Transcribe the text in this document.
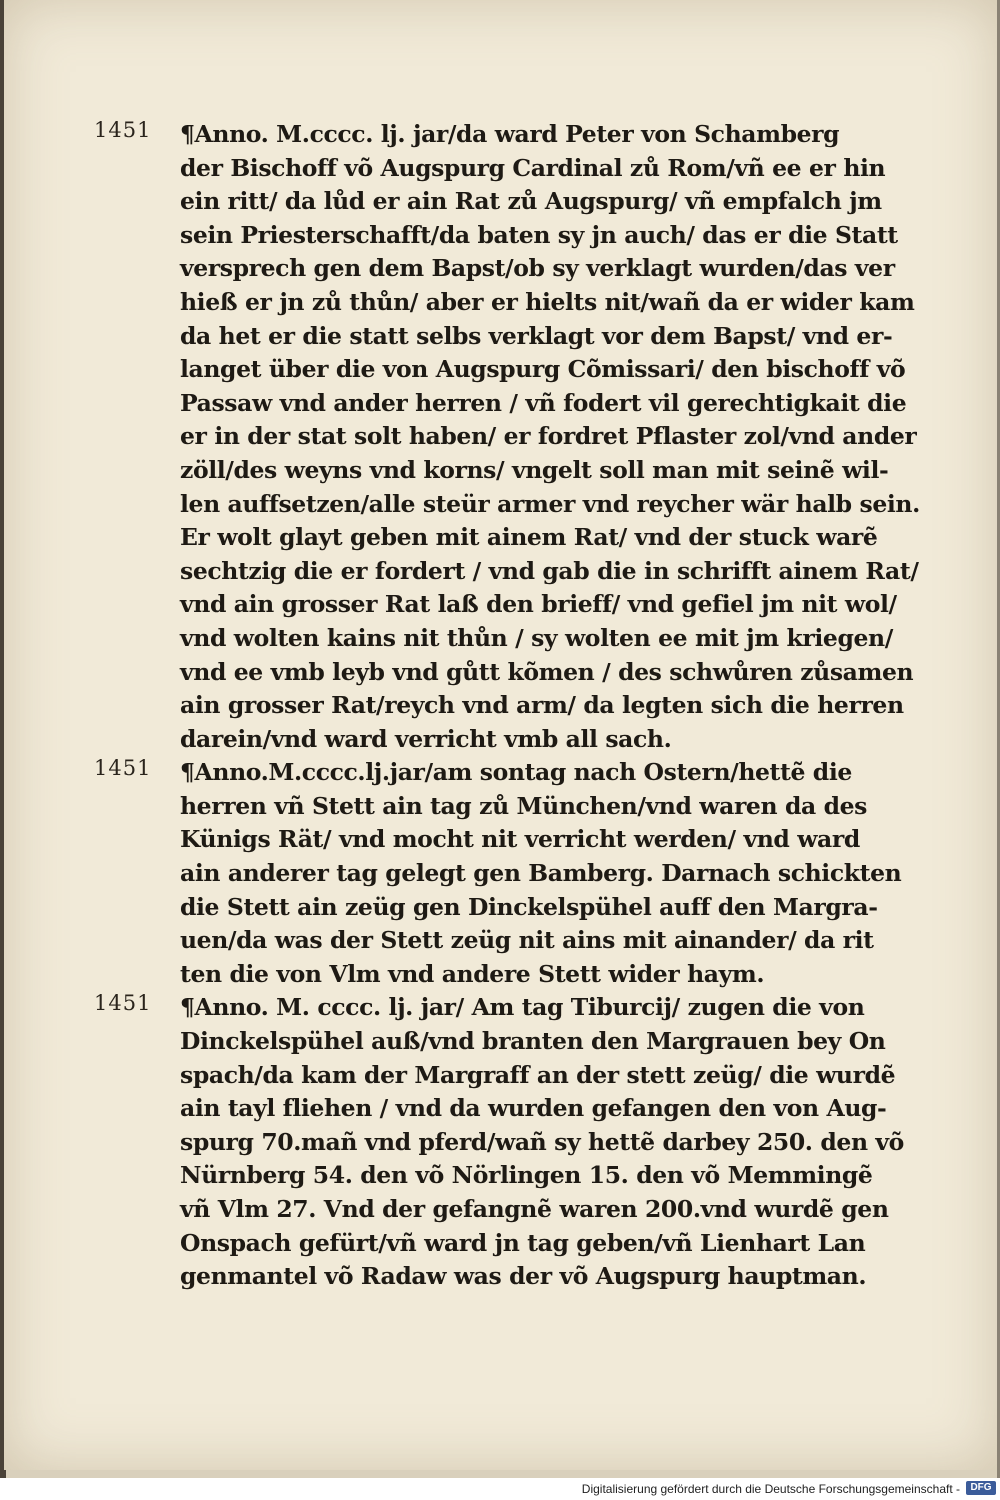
1451 ¶Anno. M.cccc. lj. jar/da ward Peter von Schamberg
der Bischoff võ Augspurg Cardinal zů Rom/vñ ee er hin
ein ritt/ da lůd er ain Rat zů Augspurg/ vñ empfalch jm
sein Priesterschafft/da baten sy jn auch/ das er die Statt
versprech gen dem Bapst/ob sy verklagt wurden/das ver
hieß er jn zů thůn/ aber er hielts nit/wañ da er wider kam
da het er die statt selbs verklagt vor dem Bapst/ vnd er-
langet über die von Augspurg Cõmissari/ den bischoff võ
Passaw vnd ander herren / vñ fodert vil gerechtigkait die
er in der stat solt haben/ er fordret Pflaster zol/vnd ander
zöll/des weyns vnd korns/ vngelt soll man mit seinẽ wil-
len auffsetzen/alle steür armer vnd reycher wär halb sein.
Er wolt glayt geben mit ainem Rat/ vnd der stuck warẽ
sechtzig die er fordert / vnd gab die in schrifft ainem Rat/
vnd ain grosser Rat laß den brieff/ vnd gefiel jm nit wol/
vnd wolten kains nit thůn / sy wolten ee mit jm kriegen/
vnd ee vmb leyb vnd gůtt kõmen / des schwůren zůsamen
ain grosser Rat/reych vnd arm/ da legten sich die herren
darein/vnd ward verricht vmb all sach.
1451 ¶Anno.M.cccc.lj.jar/am sontag nach Ostern/hettẽ die
herren vñ Stett ain tag zů München/vnd waren da des
Künigs Rät/ vnd mocht nit verricht werden/ vnd ward
ain anderer tag gelegt gen Bamberg. Darnach schickten
die Stett ain zeüg gen Dinckelspühel auff den Margra-
uen/da was der Stett zeüg nit ains mit ainander/ da rit
ten die von Vlm vnd andere Stett wider haym.
1451 ¶Anno. M. cccc. lj. jar/ Am tag Tiburcij/ zugen die von
Dinckelspühel auß/vnd branten den Margrauen bey On
spach/da kam der Margraff an der stett zeüg/ die wurdẽ
ain tayl fliehen / vnd da wurden gefangen den von Aug-
spurg 70.mañ vnd pferd/wañ sy hettẽ darbey 250. den võ
Nürnberg 54. den võ Nörlingen 15. den võ Memmingẽ
vñ Vlm 27. Vnd der gefangnẽ waren 200.vnd wurdẽ gen
Onspach gefürt/vñ ward jn tag geben/vñ Lienhart Lan
genmantel võ Radaw was der võ Augspurg hauptman.
Digitalisierung gefördert durch die Deutsche Forschungsgemeinschaft -	DFG
